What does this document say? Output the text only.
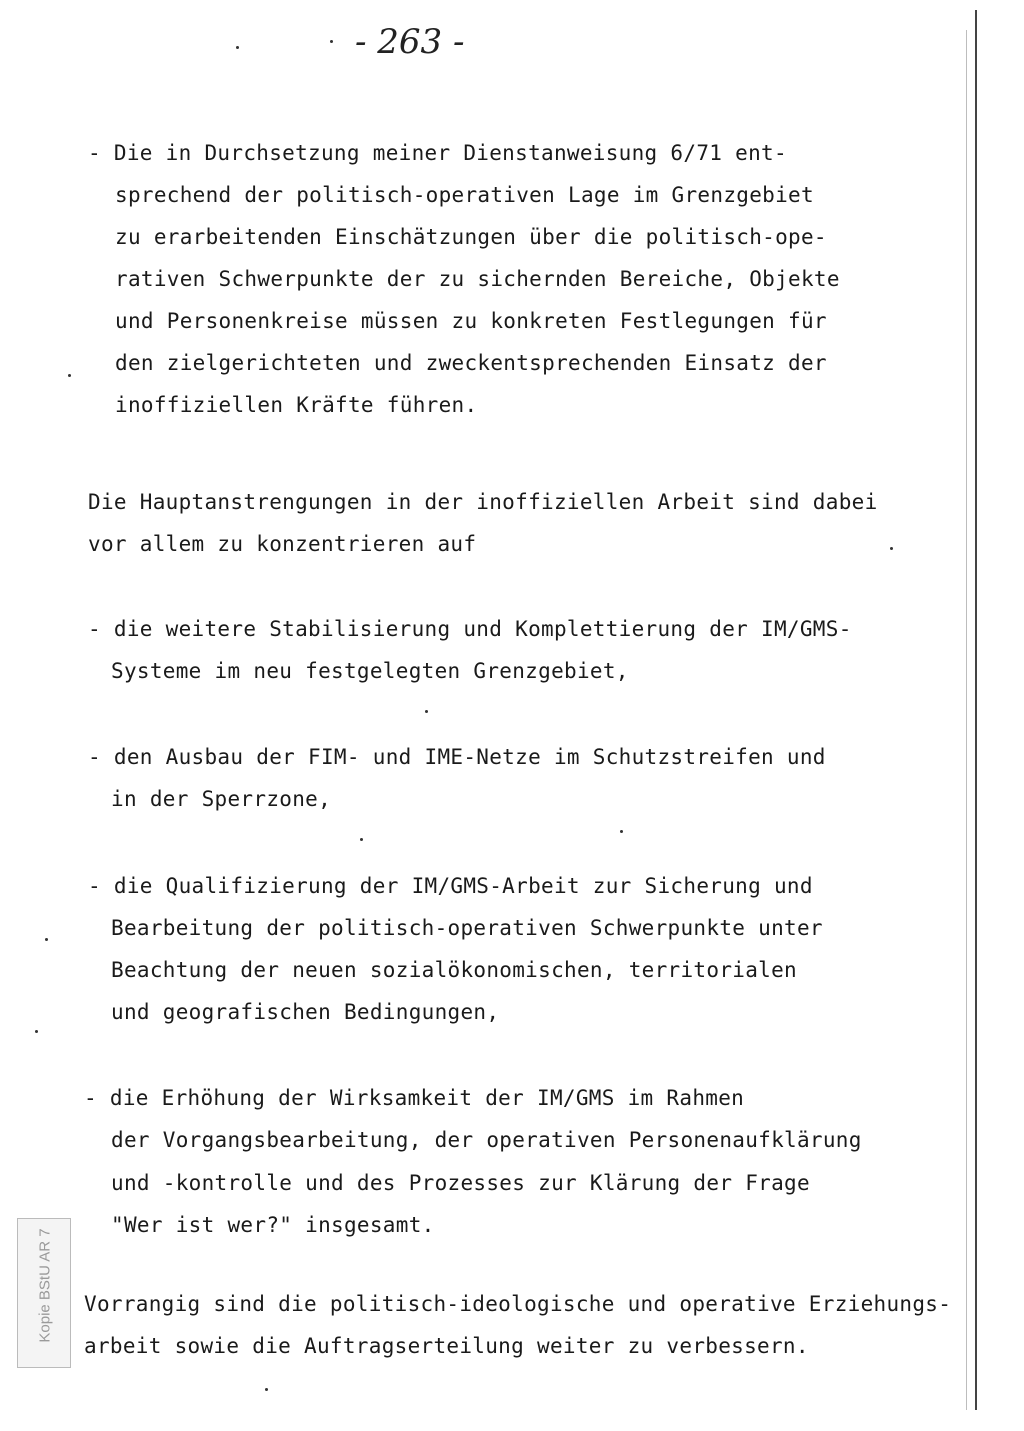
- 263 -
- Die in Durchsetzung meiner Dienstanweisung 6/71 ent-
sprechend der politisch-operativen Lage im Grenzgebiet
zu erarbeitenden Einschätzungen über die politisch-ope-
rativen Schwerpunkte der zu sichernden Bereiche, Objekte
und Personenkreise müssen zu konkreten Festlegungen für
den zielgerichteten und zweckentsprechenden Einsatz der
inoffiziellen Kräfte führen.
Die Hauptanstrengungen in der inoffiziellen Arbeit sind dabei
vor allem zu konzentrieren auf
- die weitere Stabilisierung und Komplettierung der IM/GMS-
Systeme im neu festgelegten Grenzgebiet,
- den Ausbau der FIM- und IME-Netze im Schutzstreifen und
in der Sperrzone,
- die Qualifizierung der IM/GMS-Arbeit zur Sicherung und
Bearbeitung der politisch-operativen Schwerpunkte unter
Beachtung der neuen sozialökonomischen, territorialen
und geografischen Bedingungen,
- die Erhöhung der Wirksamkeit der IM/GMS im Rahmen
der Vorgangsbearbeitung, der operativen Personenaufklärung
und -kontrolle und des Prozesses zur Klärung der Frage
"Wer ist wer?" insgesamt.
Vorrangig sind die politisch-ideologische und operative Erziehungs-
arbeit sowie die Auftragserteilung weiter zu verbessern.
Kopie BStU AR 7
